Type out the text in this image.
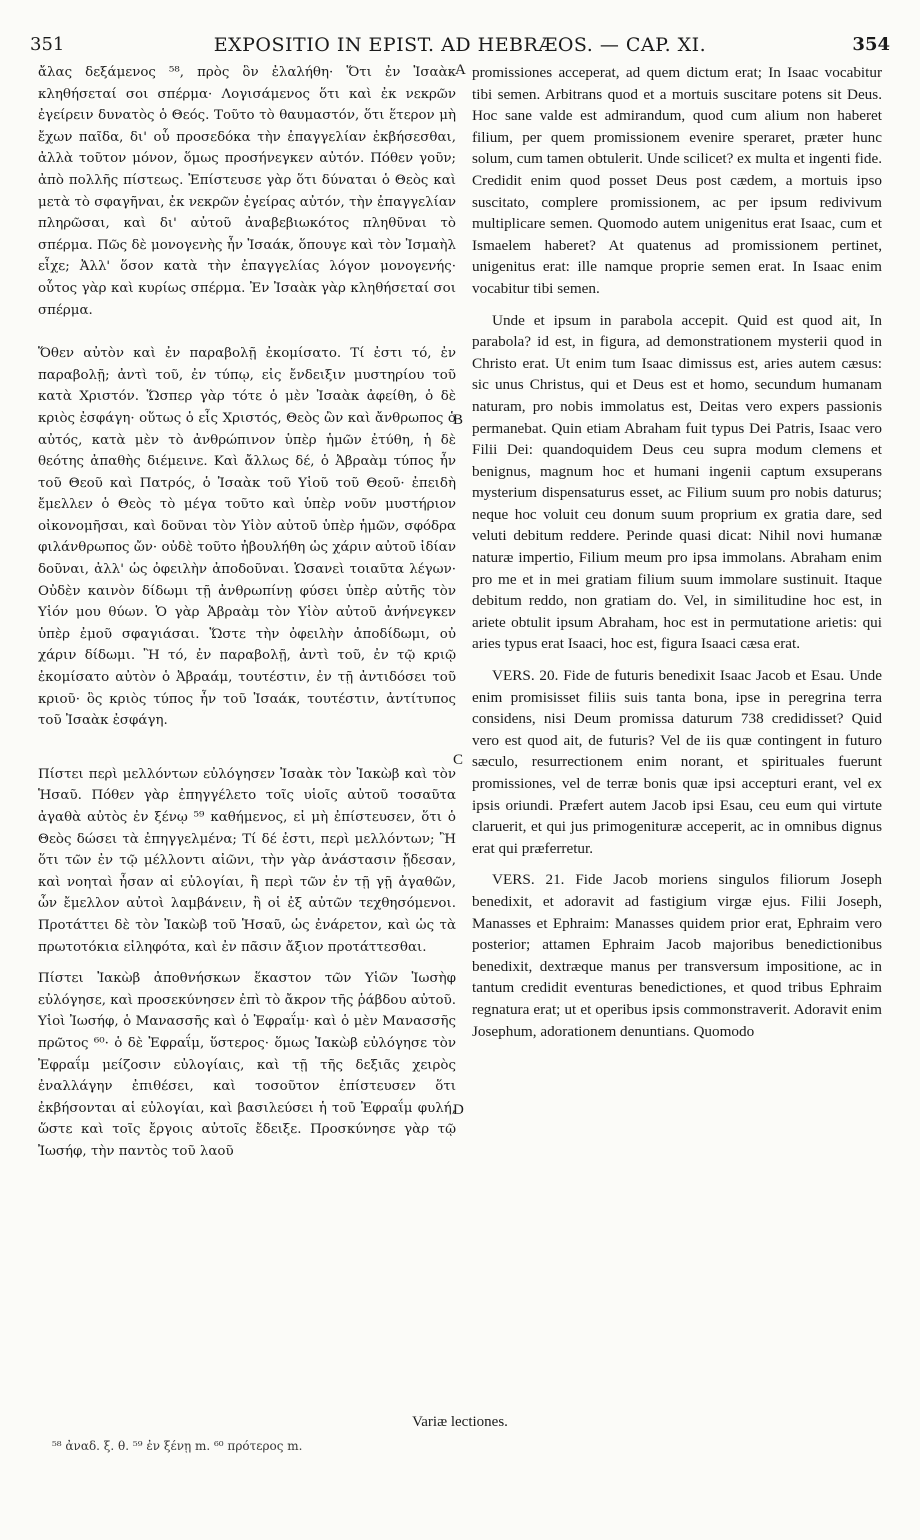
351	EXPOSITIO IN EPIST. AD HEBRÆOS. — CAP. XI.	354

ἄλας δεξάμενος ⁵⁸, πρὸς ὃν ἐλαλήθη· Ὅτι ἐν Ἰσαὰκ κληθήσεταί σοι σπέρμα· Λογισάμενος ὅτι καὶ ἐκ νεκρῶν ἐγείρειν δυνατὸς ὁ Θεός. Τοῦτο τὸ θαυμαστόν, ὅτι ἕτερον μὴ ἔχων παῖδα, δι' οὗ προσεδόκα τὴν ἐπαγγελίαν ἐκβήσεσθαι, ἀλλὰ τοῦτον μόνον, ὅμως προσήνεγκεν αὐτόν. Πόθεν γοῦν; ἀπὸ πολλῆς πίστεως. Ἐπίστευσε γὰρ ὅτι δύναται ὁ Θεὸς καὶ μετὰ τὸ σφαγῆναι, ἐκ νεκρῶν ἐγείρας αὐτόν, τὴν ἐπαγγελίαν πληρῶσαι, καὶ δι' αὐτοῦ ἀναβεβιωκότος πληθῦναι τὸ σπέρμα. Πῶς δὲ μονογενὴς ἦν Ἰσαάκ, ὅπουγε καὶ τὸν Ἰσμαὴλ εἶχε; Ἀλλ' ὅσον κατὰ τὴν ἐπαγγελίας λόγον μονογενής· οὗτος γὰρ καὶ κυρίως σπέρμα. Ἐν Ἰσαὰκ γὰρ κληθήσεταί σοι σπέρμα.

Ὅθεν αὐτὸν καὶ ἐν παραβολῇ ἐκομίσατο. Τί ἐστι τό, ἐν παραβολῇ; ἀντὶ τοῦ, ἐν τύπῳ, εἰς ἔνδειξιν μυστηρίου τοῦ κατὰ Χριστόν. Ὥσπερ γὰρ τότε ὁ μὲν Ἰσαὰκ ἀφείθη, ὁ δὲ κριὸς ἐσφάγη· οὕτως ὁ εἷς Χριστός, Θεὸς ὢν καὶ ἄνθρωπος ὁ αὐτός, κατὰ μὲν τὸ ἀνθρώπινον ὑπὲρ ἡμῶν ἐτύθη, ἡ δὲ θεότης ἀπαθὴς διέμεινε. Καὶ ἄλλως δέ, ὁ Ἀβραὰμ τύπος ἦν τοῦ Θεοῦ καὶ Πατρός, ὁ Ἰσαὰκ τοῦ Υἱοῦ τοῦ Θεοῦ· ἐπειδὴ ἔμελλεν ὁ Θεὸς τὸ μέγα τοῦτο καὶ ὑπὲρ νοῦν μυστήριον οἰκονομῆσαι, καὶ δοῦναι τὸν Υἱὸν αὐτοῦ ὑπὲρ ἡμῶν, σφόδρα φιλάνθρωπος ὤν· οὐδὲ τοῦτο ἠβουλήθη ὡς χάριν αὐτοῦ ἰδίαν δοῦναι, ἀλλ' ὡς ὀφειλὴν ἀποδοῦναι. Ὡσανεὶ τοιαῦτα λέγων· Οὐδὲν καινὸν δίδωμι τῇ ἀνθρωπίνῃ φύσει ὑπὲρ αὐτῆς τὸν Υἱόν μου θύων. Ὁ γὰρ Ἀβραὰμ τὸν Υἱὸν αὐτοῦ ἀνήνεγκεν ὑπὲρ ἐμοῦ σφαγιάσαι. Ὥστε τὴν ὀφειλὴν ἀποδίδωμι, οὐ χάριν δίδωμι. Ἢ τό, ἐν παραβολῇ, ἀντὶ τοῦ, ἐν τῷ κριῷ ἐκομίσατο αὐτὸν ὁ Ἀβραάμ, τουτέστιν, ἐν τῇ ἀντιδόσει τοῦ κριοῦ· ὃς κριὸς τύπος ἦν τοῦ Ἰσαάκ, τουτέστιν, ἀντίτυπος τοῦ Ἰσαὰκ ἐσφάγη.

Πίστει περὶ μελλόντων εὐλόγησεν Ἰσαὰκ τὸν Ἰακὼβ καὶ τὸν Ἡσαῦ. Πόθεν γὰρ ἐπηγγέλετο τοῖς υἱοῖς αὐτοῦ τοσαῦτα ἀγαθὰ αὐτὸς ἐν ξένῳ ⁵⁹ καθήμενος, εἰ μὴ ἐπίστευσεν, ὅτι ὁ Θεὸς δώσει τὰ ἐπηγγελμένα; Τί δέ ἐστι, περὶ μελλόντων; Ἢ ὅτι τῶν ἐν τῷ μέλλοντι αἰῶνι, τὴν γὰρ ἀνάστασιν ᾔδεσαν, καὶ νοηταὶ ἦσαν αἱ εὐλογίαι, ἢ περὶ τῶν ἐν τῇ γῇ ἀγαθῶν, ὧν ἔμελλον αὐτοὶ λαμβάνειν, ἢ οἱ ἐξ αὐτῶν τεχθησόμενοι. Προτάττει δὲ τὸν Ἰακὼβ τοῦ Ἡσαῦ, ὡς ἐνάρετον, καὶ ὡς τὰ πρωτοτόκια εἰληφότα, καὶ ἐν πᾶσιν ἄξιον προτάττεσθαι.

Πίστει Ἰακὼβ ἀποθνήσκων ἕκαστον τῶν Υἱῶν Ἰωσὴφ εὐλόγησε, καὶ προσεκύνησεν ἐπὶ τὸ ἄκρον τῆς ῥάβδου αὐτοῦ. Υἱοὶ Ἰωσήφ, ὁ Μανασσῆς καὶ ὁ Ἐφραΐμ· καὶ ὁ μὲν Μανασσῆς πρῶτος ⁶⁰· ὁ δὲ Ἐφραΐμ, ὕστερος· ὅμως Ἰακὼβ εὐλόγησε τὸν Ἐφραΐμ μείζοσιν εὐλογίαις, καὶ τῇ τῆς δεξιᾶς χειρὸς ἐναλλάγην ἐπιθέσει, καὶ τοσοῦτον ἐπίστευσεν ὅτι ἐκβήσονται αἱ εὐλογίαι, καὶ βασιλεύσει ἡ τοῦ Ἐφραΐμ φυλή, ὥστε καὶ τοῖς ἔργοις αὐτοῖς ἔδειξε. Προσκύνησε γὰρ τῷ Ἰωσήφ, τὴν παντὸς τοῦ λαοῦ

promissiones acceperat, ad quem dictum erat; In Isaac vocabitur tibi semen. Arbitrans quod et a mortuis suscitare potens sit Deus. Hoc sane valde est admirandum, quod cum alium non haberet filium, per quem promissionem evenire speraret, præter hunc solum, cum tamen obtulerit. Unde scilicet? ex multa et ingenti fide. Credidit enim quod posset Deus post cædem, a mortuis ipso suscitato, complere promissionem, ac per ipsum redivivum multiplicare semen. Quomodo autem unigenitus erat Isaac, cum et Ismaelem haberet? At quatenus ad promissionem pertinet, unigenitus erat: ille namque proprie semen erat. In Isaac enim vocabitur tibi semen.

Unde et ipsum in parabola accepit. Quid est quod ait, In parabola? id est, in figura, ad demonstrationem mysterii quod in Christo erat. Ut enim tum Isaac dimissus est, aries autem cæsus: sic unus Christus, qui et Deus est et homo, secundum humanam naturam, pro nobis immolatus est, Deitas vero expers passionis permanebat. Quin etiam Abraham fuit typus Dei Patris, Isaac vero Filii Dei: quandoquidem Deus ceu supra modum clemens et benignus, magnum hoc et humani ingenii captum exsuperans mysterium dispensaturus esset, ac Filium suum pro nobis daturus; neque hoc voluit ceu donum suum proprium ex gratia dare, sed veluti debitum reddere. Perinde quasi dicat: Nihil novi humanæ naturæ impertio, Filium meum pro ipsa immolans. Abraham enim pro me et in mei gratiam filium suum immolare sustinuit. Itaque debitum reddo, non gratiam do. Vel, in similitudine hoc est, in ariete obtulit ipsum Abraham, hoc est in permutatione arietis: qui aries typus erat Isaaci, hoc est, figura Isaaci cæsa erat.

VERS. 20. Fide de futuris benedixit Isaac Jacob et Esau. Unde enim promisisset filiis suis tanta bona, ipse in peregrina terra considens, nisi Deum promissa daturum 738 credidisset? Quid vero est quod ait, de futuris? Vel de iis quæ contingent in futuro sæculo, resurrectionem enim norant, et spirituales fuerunt promissiones, vel de terræ bonis quæ ipsi accepturi erant, vel ex ipsis oriundi. Præfert autem Jacob ipsi Esau, ceu eum qui virtute claruerit, et qui jus primogenituræ acceperit, ac in omnibus dignus erat qui præferretur.

VERS. 21. Fide Jacob moriens singulos filiorum Joseph benedixit, et adoravit ad fastigium virgæ ejus. Filii Joseph, Manasses et Ephraim: Manasses quidem prior erat, Ephraim vero posterior; attamen Ephraim Jacob majoribus benedictionibus benedixit, dextræque manus per transversum impositione, ac in tantum credidit eventuras benedictiones, et quod tribus Ephraim regnatura erat; ut et operibus ipsis commonstraverit. Adoravit enim Josephum, adorationem denuntians. Quomodo

A
B
C
D
Variæ lectiones.
⁵⁸ ἀναδ. ξ. θ. ⁵⁹ ἐν ξένῃ m. ⁶⁰ πρότερος m.
